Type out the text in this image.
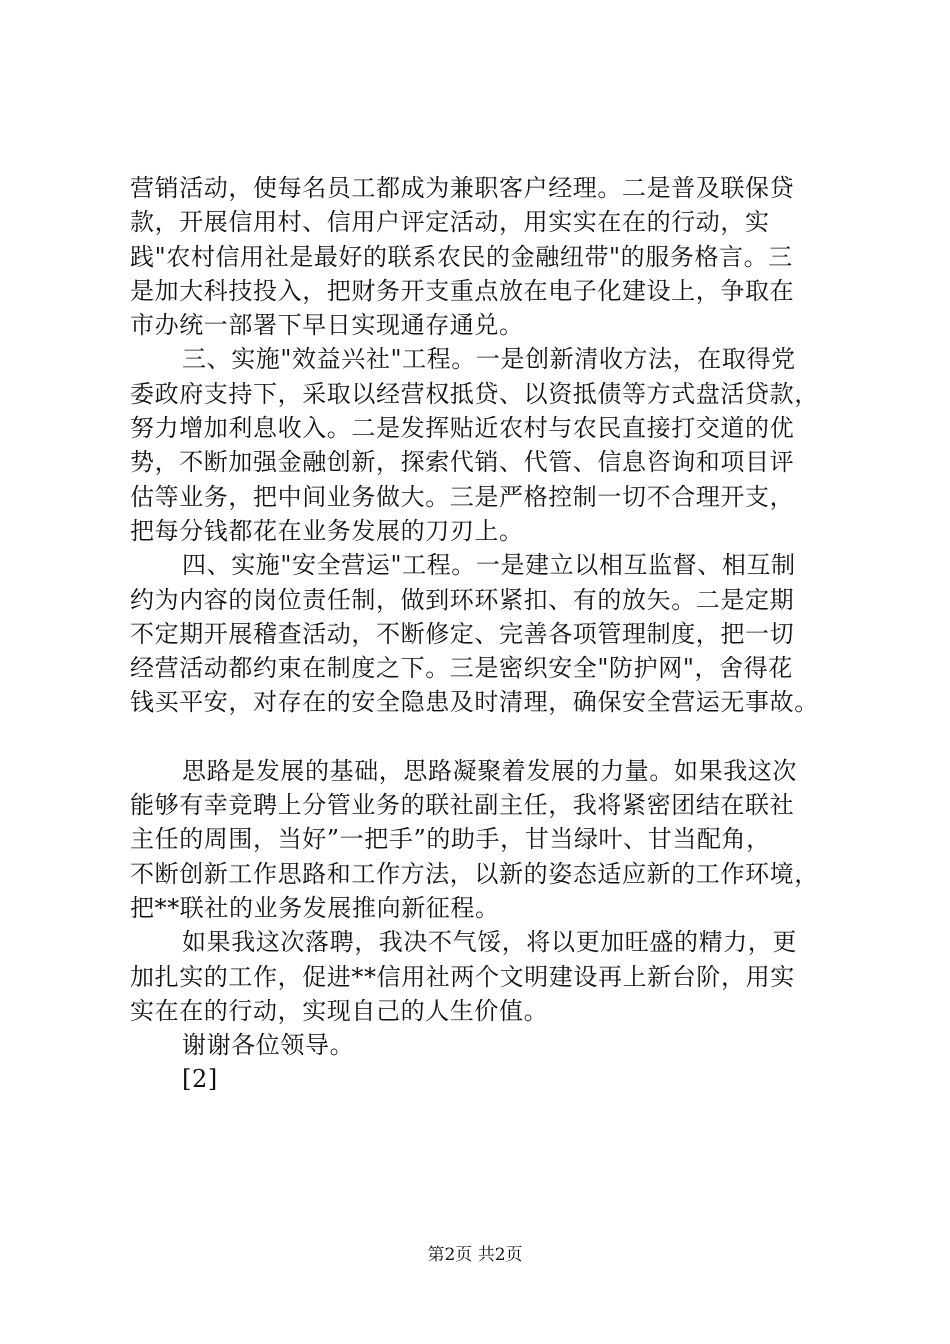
营销活动，使每名员工都成为兼职客户经理。二是普及联保贷
款，开展信用村、信用户评定活动，用实实在在的行动，实
践"农村信用社是最好的联系农民的金融纽带"的服务格言。三
是加大科技投入，把财务开支重点放在电子化建设上，争取在
市办统一部署下早日实现通存通兑。
三、实施"效益兴社"工程。一是创新清收方法，在取得党
委政府支持下，采取以经营权抵贷、以资抵债等方式盘活贷款，
努力增加利息收入。二是发挥贴近农村与农民直接打交道的优
势，不断加强金融创新，探索代销、代管、信息咨询和项目评
估等业务，把中间业务做大。三是严格控制一切不合理开支，
把每分钱都花在业务发展的刀刃上。
四、实施"安全营运"工程。一是建立以相互监督、相互制
约为内容的岗位责任制，做到环环紧扣、有的放矢。二是定期
不定期开展稽查活动，不断修定、完善各项管理制度，把一切
经营活动都约束在制度之下。三是密织安全"防护网"，舍得花
钱买平安，对存在的安全隐患及时清理，确保安全营运无事故。
思路是发展的基础，思路凝聚着发展的力量。如果我这次
能够有幸竞聘上分管业务的联社副主任，我将紧密团结在联社
主任的周围，当好”一把手”的助手，甘当绿叶、甘当配角，
不断创新工作思路和工作方法，以新的姿态适应新的工作环境，
把**联社的业务发展推向新征程。
如果我这次落聘，我决不气馁，将以更加旺盛的精力，更
加扎实的工作，促进**信用社两个文明建设再上新台阶，用实
实在在的行动，实现自己的人生价值。
谢谢各位领导。
[2]
第2页 共2页
